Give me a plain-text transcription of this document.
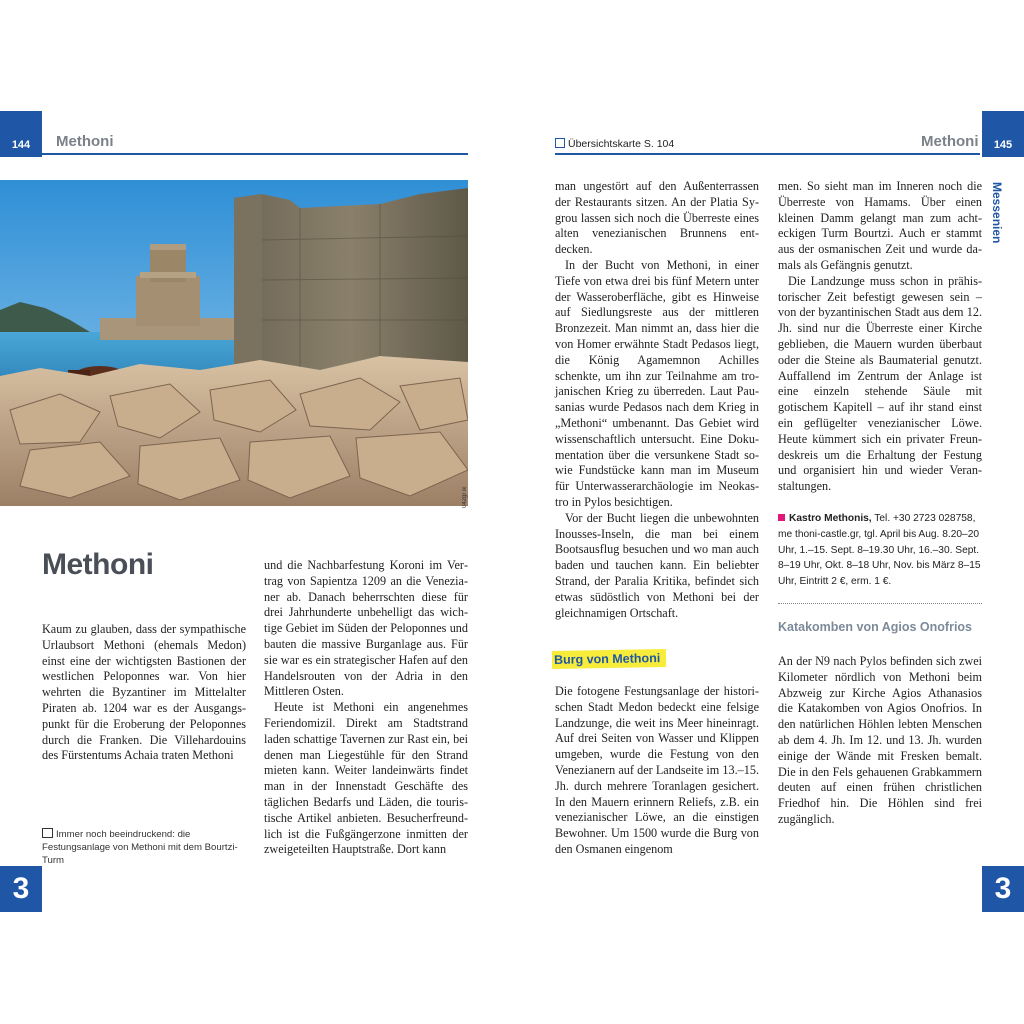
144	Methoni
042gr ik
Methoni

Kaum zu glauben, dass der sympathische Urlaubsort Methoni (ehemals Medon) einst eine der wichtigsten Bastionen der westlichen Peloponnes war. Von hier wehrten die Byzantiner im Mittelalter Piraten ab. 1204 war es der Ausgangspunkt für die Eroberung der Peloponnes durch die Franken. Die Villehardouins des Fürstentums Achaia traten Methoni

Immer noch beeindruckend: die Festungsanlage von Methoni mit dem Bourtzi-Turm

und die Nachbarfestung Koroni im Vertrag von Sapientza 1209 an die Venezianer ab. Danach beherrschten diese für drei Jahrhunderte unbehelligt das wichtige Gebiet im Süden der Peloponnes und bauten die massive Burganlage aus. Für sie war es ein strategischer Hafen auf den Handelsrouten von der Adria in den Mittleren Osten.

Heute ist Methoni ein angenehmes Feriendomizil. Direkt am Stadtstrand laden schattige Tavernen zur Rast ein, bei denen man Liegestühle für den Strand mieten kann. Weiter landeinwärts findet man in der Innenstadt Geschäfte des täglichen Bedarfs und Läden, die touristische Artikel anbieten. Besucherfreundlich ist die Fußgängerzone inmitten der zweigeteilten Hauptstraße. Dort kann

3
Übersichtskarte S. 104	Methoni	145
Messenien

man ungestört auf den Außenterrassen der Restaurants sitzen. An der Platia Sygrou lassen sich noch die Überreste eines alten venezianischen Brunnens entdecken.

In der Bucht von Methoni, in einer Tiefe von etwa drei bis fünf Metern unter der Wasseroberfläche, gibt es Hinweise auf Siedlungsreste aus der mittleren Bronzezeit. Man nimmt an, dass hier die von Homer erwähnte Stadt Pedasos liegt, die König Agamemnon Achilles schenkte, um ihn zur Teilnahme am trojanischen Krieg zu überreden. Laut Pausanias wurde Pedasos nach dem Krieg in „Methoni“ umbenannt. Das Gebiet wird wissenschaftlich untersucht. Eine Dokumentation über die versunkene Stadt sowie Fundstücke kann man im Museum für Unterwasserarchäologie im Neokastro in Pylos besichtigen.

Vor der Bucht liegen die unbewohnten Inousses-Inseln, die man bei einem Bootsausflug besuchen und wo man auch baden und tauchen kann. Ein beliebter Strand, der Paralia Kritika, befindet sich etwas südöstlich von Methoni bei der gleichnamigen Ortschaft.

Burg von Methoni

Die fotogene Festungsanlage der historischen Stadt Medon bedeckt eine felsige Landzunge, die weit ins Meer hineinragt. Auf drei Seiten von Wasser und Klippen umgeben, wurde die Festung von den Venezianern auf der Landseite im 13.–15. Jh. durch mehrere Toranlagen gesichert. In den Mauern erinnern Reliefs, z.B. ein venezianischer Löwe, an die einstigen Bewohner. Um 1500 wurde die Burg von den Osmanen eingenom

men. So sieht man im Inneren noch die Überreste von Hamams. Über einen kleinen Damm gelangt man zum achteckigen Turm Bourtzi. Auch er stammt aus der osmanischen Zeit und wurde damals als Gefängnis genutzt.

Die Landzunge muss schon in prähistorischer Zeit befestigt gewesen sein – von der byzantinischen Stadt aus dem 12. Jh. sind nur die Überreste einer Kirche geblieben, die Mauern wurden überbaut oder die Steine als Baumaterial genutzt. Auffallend im Zentrum der Anlage ist eine einzeln stehende Säule mit gotischem Kapitell – auf ihr stand einst ein geflügelter venezianischer Löwe. Heute kümmert sich ein privater Freundeskreis um die Erhaltung der Festung und organisiert hin und wieder Veranstaltungen.

Kastro Methonis, Tel. +30 2723 028758, me thoni-castle.gr, tgl. April bis Aug. 8.20–20 Uhr, 1.–15. Sept. 8–19.30 Uhr, 16.–30. Sept. 8–19 Uhr, Okt. 8–18 Uhr, Nov. bis März 8–15 Uhr, Eintritt 2 €, erm. 1 €.
Katakomben von Agios Onofrios

An der N9 nach Pylos befinden sich zwei Kilometer nördlich von Methoni beim Abzweig zur Kirche Agios Athanasios die Katakomben von Agios Onofrios. In den natürlichen Höhlen lebten Menschen ab dem 4. Jh. Im 12. und 13. Jh. wurden einige der Wände mit Fresken bemalt. Die in den Fels gehauenen Grabkammern deuten auf einen frühen christlichen Friedhof hin. Die Höhlen sind frei zugänglich.

3
